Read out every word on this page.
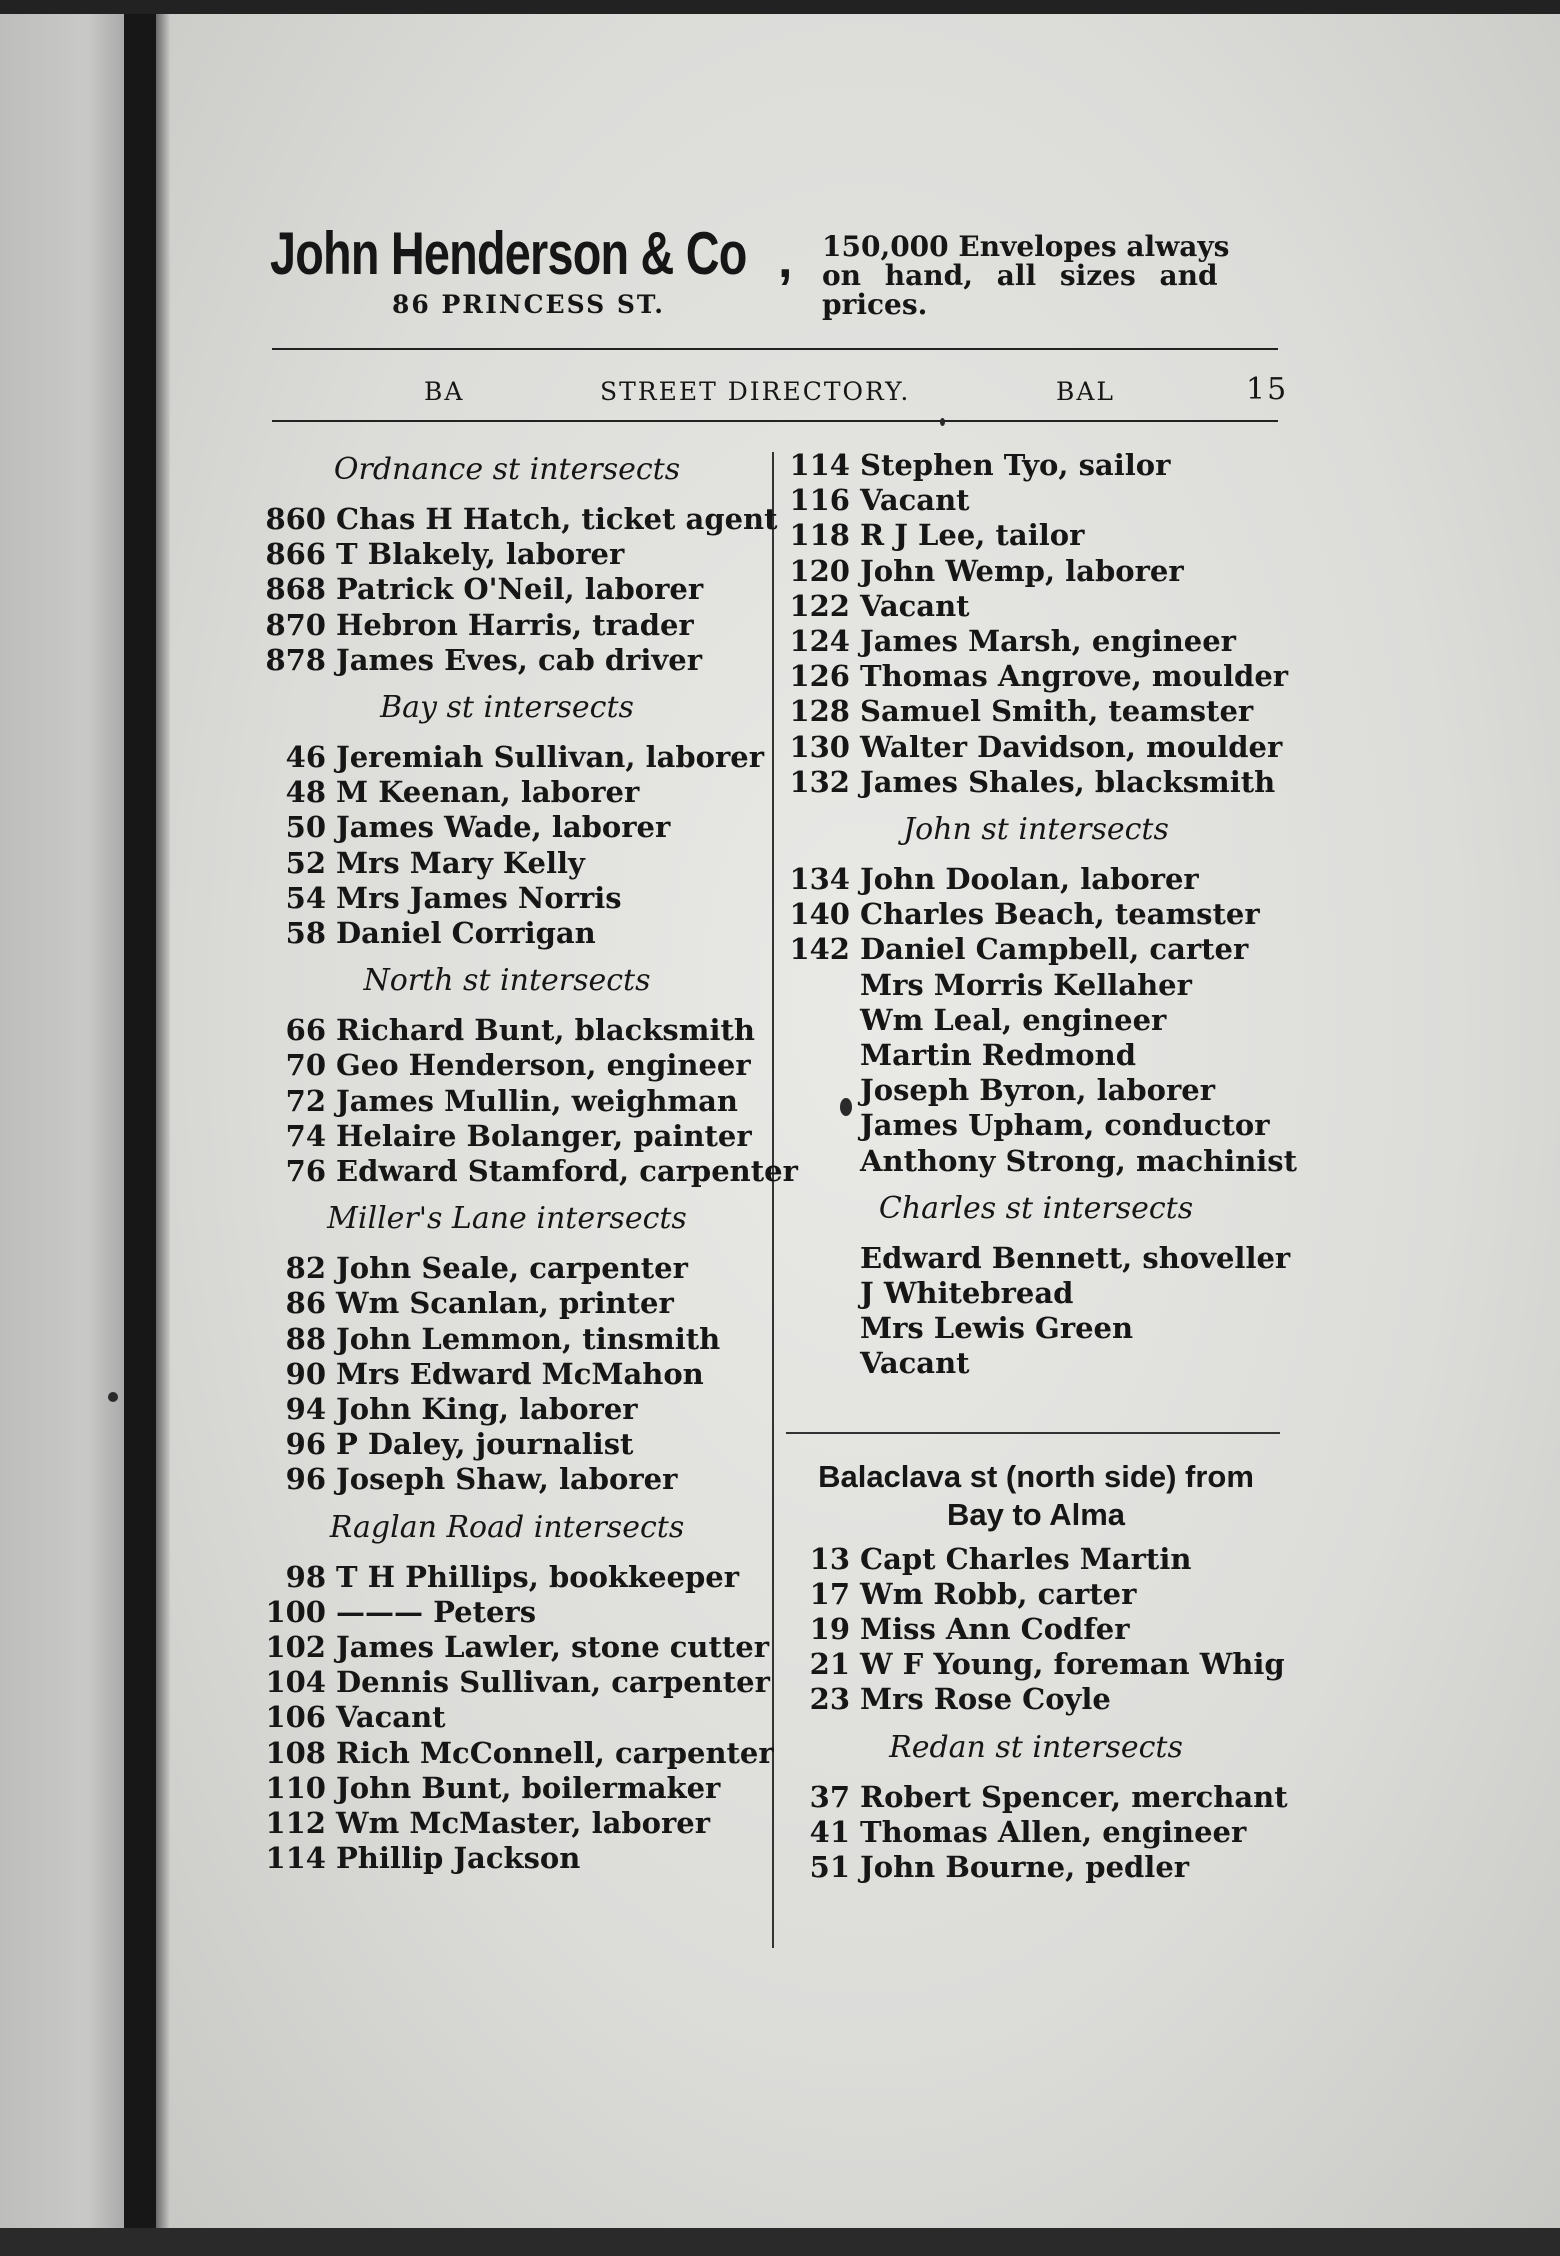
John Henderson & Co ,
86 PRINCESS ST.
150,000 Envelopes always
on hand, all sizes and
prices.
BA	STREET DIRECTORY.	BAL	15
Ordnance st intersects
860 Chas H Hatch, ticket agent
866 T Blakely, laborer
868 Patrick O'Neil, laborer
870 Hebron Harris, trader
878 James Eves, cab driver
Bay st intersects
46 Jeremiah Sullivan, laborer
48 M Keenan, laborer
50 James Wade, laborer
52 Mrs Mary Kelly
54 Mrs James Norris
58 Daniel Corrigan
North st intersects
66 Richard Bunt, blacksmith
70 Geo Henderson, engineer
72 James Mullin, weighman
74 Helaire Bolanger, painter
76 Edward Stamford, carpenter
Miller's Lane intersects
82 John Seale, carpenter
86 Wm Scanlan, printer
88 John Lemmon, tinsmith
90 Mrs Edward McMahon
94 John King, laborer
96 P Daley, journalist
96 Joseph Shaw, laborer
Raglan Road intersects
98 T H Phillips, bookkeeper
100 ——— Peters
102 James Lawler, stone cutter
104 Dennis Sullivan, carpenter
106 Vacant
108 Rich McConnell, carpenter
110 John Bunt, boilermaker
112 Wm McMaster, laborer
114 Phillip Jackson
114 Stephen Tyo, sailor
116 Vacant
118 R J Lee, tailor
120 John Wemp, laborer
122 Vacant
124 James Marsh, engineer
126 Thomas Angrove, moulder
128 Samuel Smith, teamster
130 Walter Davidson, moulder
132 James Shales, blacksmith
John st intersects
134 John Doolan, laborer
140 Charles Beach, teamster
142 Daniel Campbell, carter
Mrs Morris Kellaher
Wm Leal, engineer
Martin Redmond
Joseph Byron, laborer
James Upham, conductor
Anthony Strong, machinist
Charles st intersects
Edward Bennett, shoveller
J Whitebread
Mrs Lewis Green
Vacant
Balaclava st (north side) from
Bay to Alma
13 Capt Charles Martin
17 Wm Robb, carter
19 Miss Ann Codfer
21 W F Young, foreman Whig
23 Mrs Rose Coyle
Redan st intersects
37 Robert Spencer, merchant
41 Thomas Allen, engineer
51 John Bourne, pedler
